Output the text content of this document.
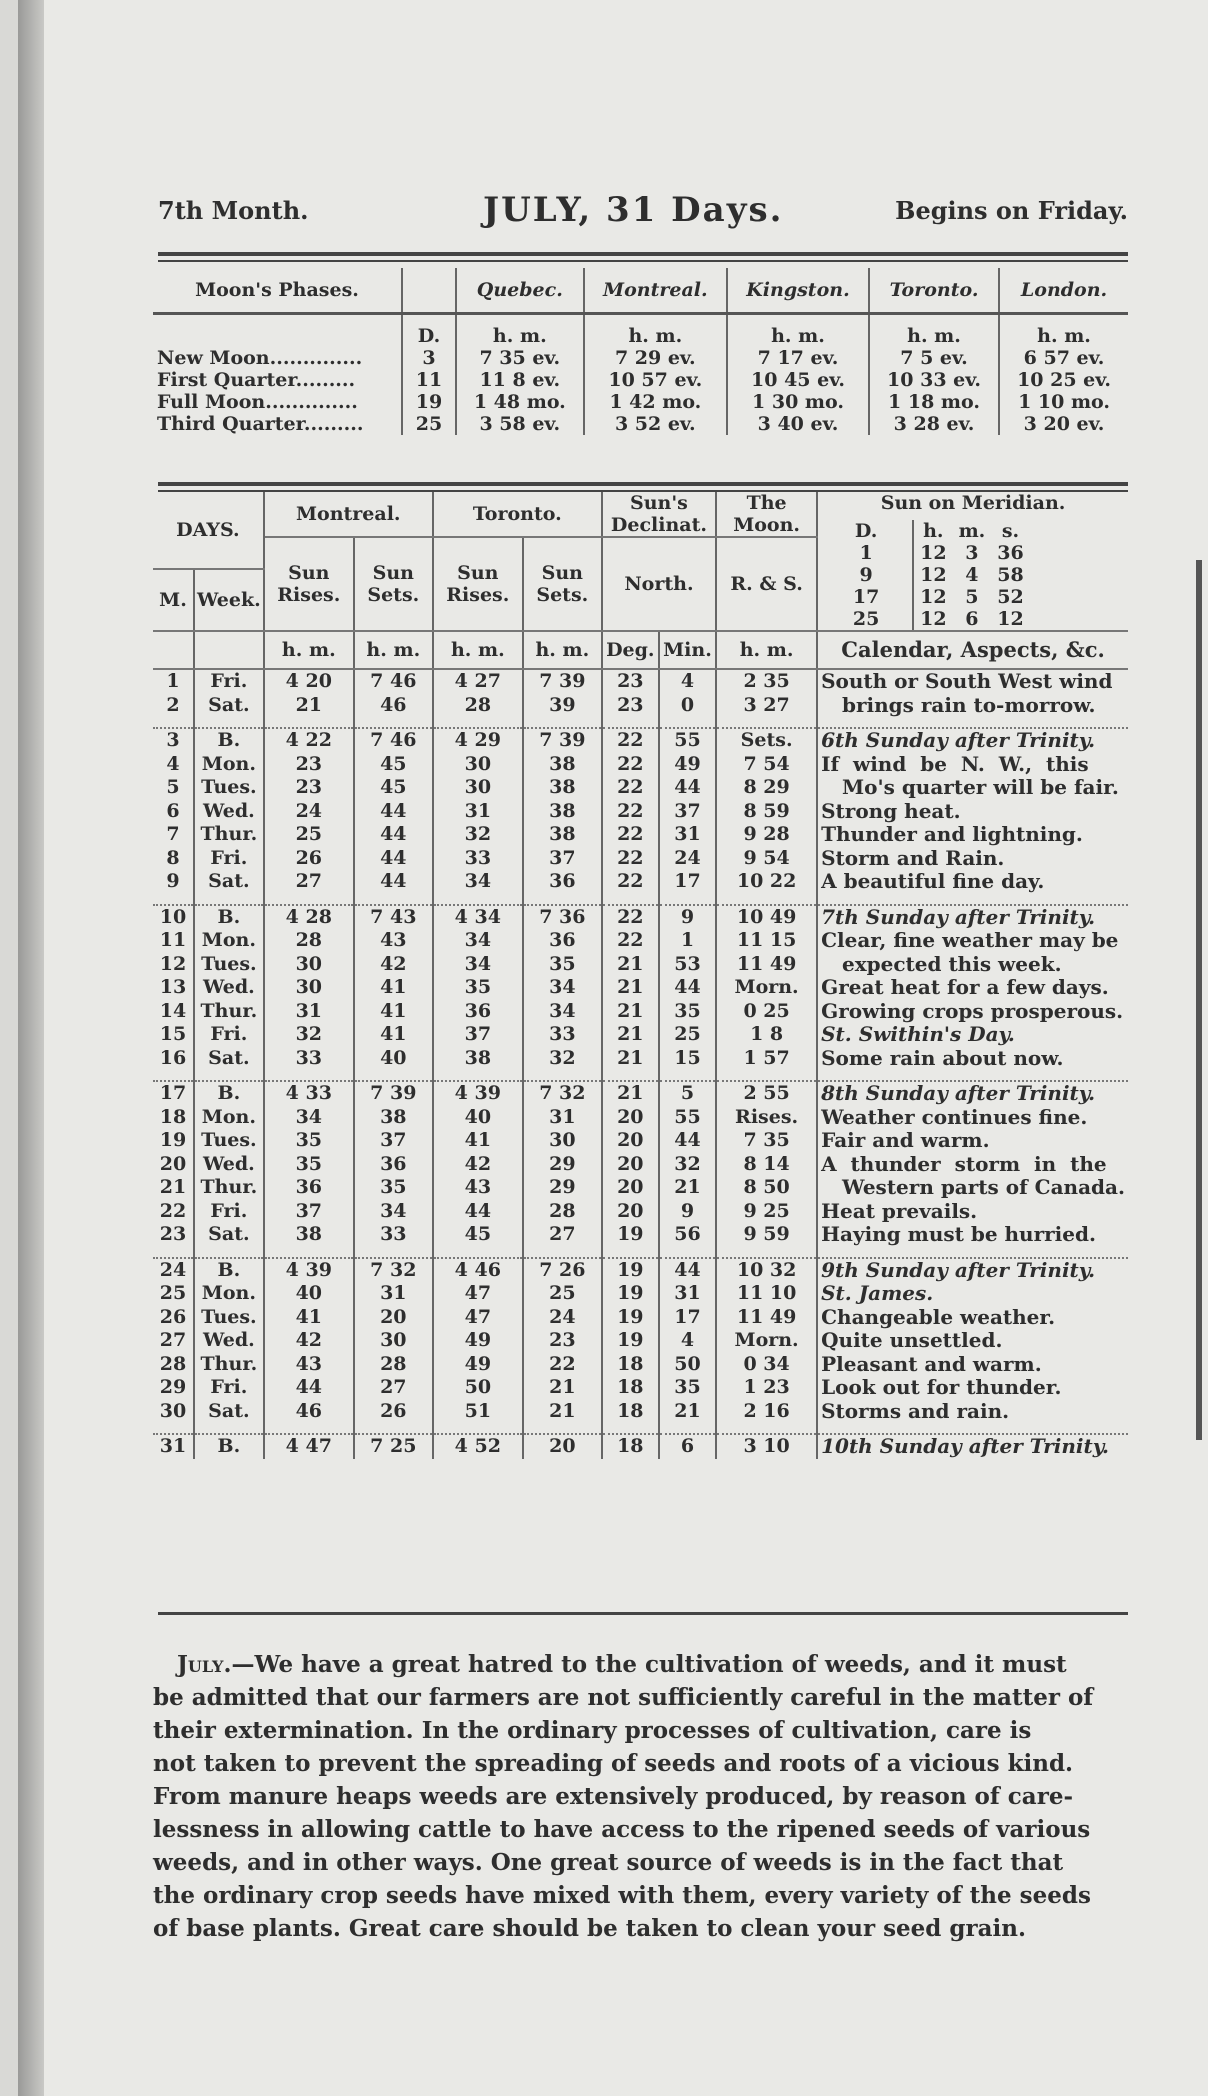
7th Month.	JULY, 31 Days.	Begins on Friday.
Moon's Phases.		Quebec.	Montreal.	Kingston.	Toronto.	London.
	D.	h. m.	h. m.	h. m.	h. m.	h. m.
New Moon..............	3	7 35 ev.	7 29 ev.	7 17 ev.	7 5 ev.	6 57 ev.
First Quarter.........	11	11 8 ev.	10 57 ev.	10 45 ev.	10 33 ev.	10 25 ev.
Full Moon..............	19	1 48 mo.	1 42 mo.	1 30 mo.	1 18 mo.	1 10 mo.
Third Quarter.........	25	3 58 ev.	3 52 ev.	3 40 ev.	3 28 ev.	3 20 ev.
DAYS.	Montreal.	Toronto.	Sun's Declinat.	The Moon.	
Sun on Meridian.
D.	h.	m.	s.
1	12	3	36
9	12	4	58
17	12	5	52
25	12	6	12

Sun Rises.	Sun Sets.	Sun Rises.	Sun Sets.	North.	R. & S.
M.	Week.
		h. m.	h. m.	h. m.	h. m.	Deg.	Min.	h. m.	Calendar, Aspects, &c.
1	Fri.	4 20	7 46	4 27	7 39	23	4	2 35	South or South West wind
2	Sat.	21	46	28	39	23	0	3 27	brings rain to-morrow.

3	B.	4 22	7 46	4 29	7 39	22	55	Sets.	6th Sunday after Trinity.
4	Mon.	23	45	30	38	22	49	7 54	If  wind  be  N.  W.,  this
5	Tues.	23	45	30	38	22	44	8 29	Mo's quarter will be fair.
6	Wed.	24	44	31	38	22	37	8 59	Strong heat.
7	Thur.	25	44	32	38	22	31	9 28	Thunder and lightning.
8	Fri.	26	44	33	37	22	24	9 54	Storm and Rain.
9	Sat.	27	44	34	36	22	17	10 22	A beautiful fine day.

10	B.	4 28	7 43	4 34	7 36	22	9	10 49	7th Sunday after Trinity.
11	Mon.	28	43	34	36	22	1	11 15	Clear, fine weather may be
12	Tues.	30	42	34	35	21	53	11 49	expected this week.
13	Wed.	30	41	35	34	21	44	Morn.	Great heat for a few days.
14	Thur.	31	41	36	34	21	35	0 25	Growing crops prosperous.
15	Fri.	32	41	37	33	21	25	1 8	St. Swithin's Day.
16	Sat.	33	40	38	32	21	15	1 57	Some rain about now.

17	B.	4 33	7 39	4 39	7 32	21	5	2 55	8th Sunday after Trinity.
18	Mon.	34	38	40	31	20	55	Rises.	Weather continues fine.
19	Tues.	35	37	41	30	20	44	7 35	Fair and warm.
20	Wed.	35	36	42	29	20	32	8 14	A  thunder  storm  in  the
21	Thur.	36	35	43	29	20	21	8 50	Western parts of Canada.
22	Fri.	37	34	44	28	20	9	9 25	Heat prevails.
23	Sat.	38	33	45	27	19	56	9 59	Haying must be hurried.

24	B.	4 39	7 32	4 46	7 26	19	44	10 32	9th Sunday after Trinity.
25	Mon.	40	31	47	25	19	31	11 10	St. James.
26	Tues.	41	20	47	24	19	17	11 49	Changeable weather.
27	Wed.	42	30	49	23	19	4	Morn.	Quite unsettled.
28	Thur.	43	28	49	22	18	50	0 34	Pleasant and warm.
29	Fri.	44	27	50	21	18	35	1 23	Look out for thunder.
30	Sat.	46	26	51	21	18	21	2 16	Storms and rain.

31	B.	4 47	7 25	4 52	20	18	6	3 10	10th Sunday after Trinity.
July.—We have a great hatred to the cultivation of weeds, and it must
be admitted that our farmers are not sufficiently careful in the matter of
their extermination. In the ordinary processes of cultivation, care is
not taken to prevent the spreading of seeds and roots of a vicious kind.
From manure heaps weeds are extensively produced, by reason of care-
lessness in allowing cattle to have access to the ripened seeds of various
weeds, and in other ways. One great source of weeds is in the fact that
the ordinary crop seeds have mixed with them, every variety of the seeds
of base plants. Great care should be taken to clean your seed grain.
